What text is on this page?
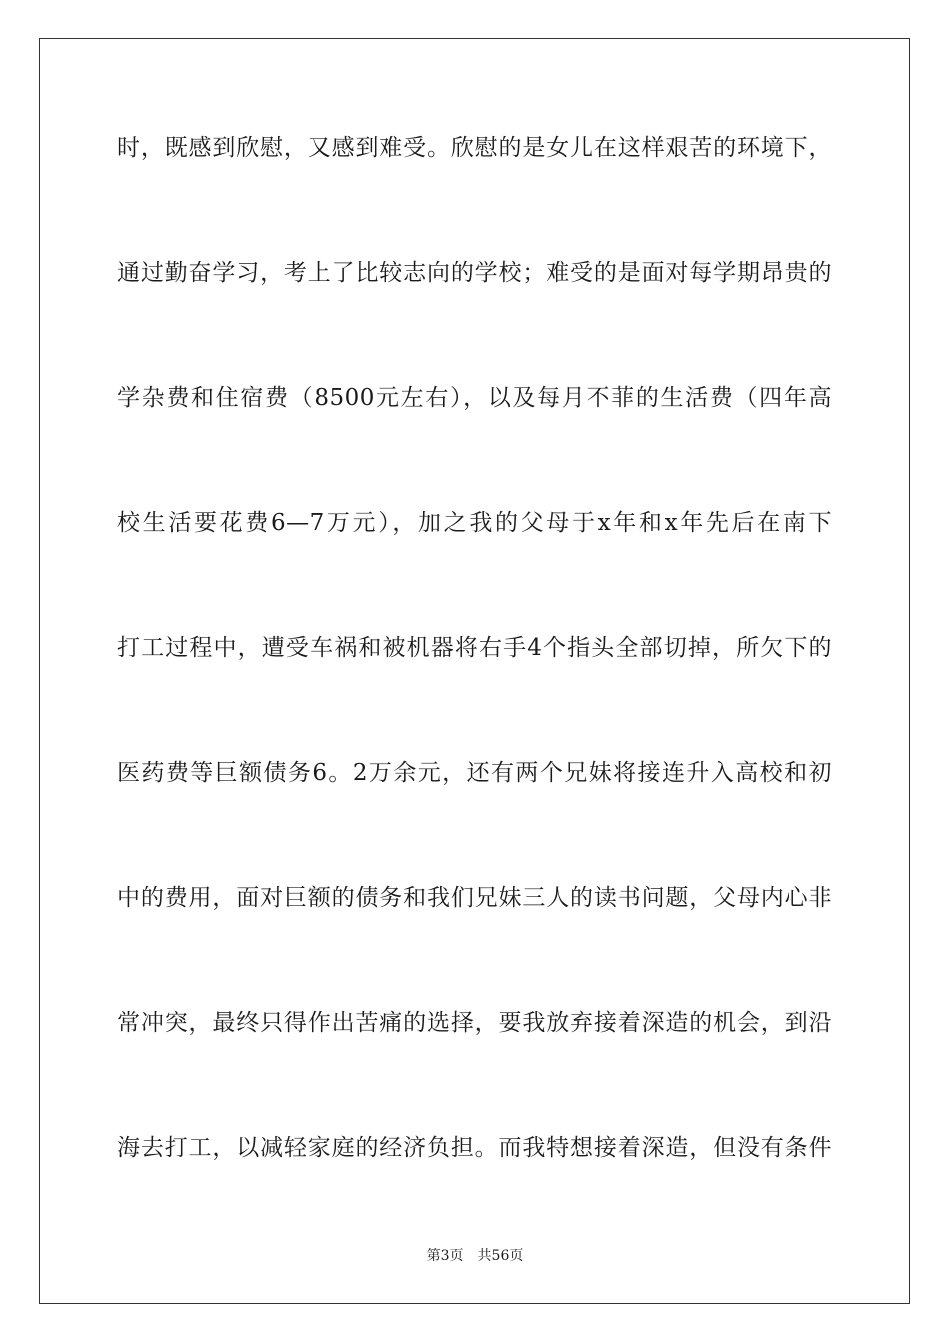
时，既感到欣慰，又感到难受。欣慰的是女儿在这样艰苦的环境下，
通过勤奋学习，考上了比较志向的学校；难受的是面对每学期昂贵的
学杂费和住宿费（8500元左右），以及每月不菲的生活费（四年高
校生活要花费6—7万元），加之我的父母于x年和x年先后在南下
打工过程中，遭受车祸和被机器将右手4个指头全部切掉，所欠下的
医药费等巨额债务6。2万余元，还有两个兄妹将接连升入高校和初
中的费用，面对巨额的债务和我们兄妹三人的读书问题，父母内心非
常冲突，最终只得作出苦痛的选择，要我放弃接着深造的机会，到沿
海去打工，以减轻家庭的经济负担。而我特想接着深造，但没有条件
第3页 共56页
